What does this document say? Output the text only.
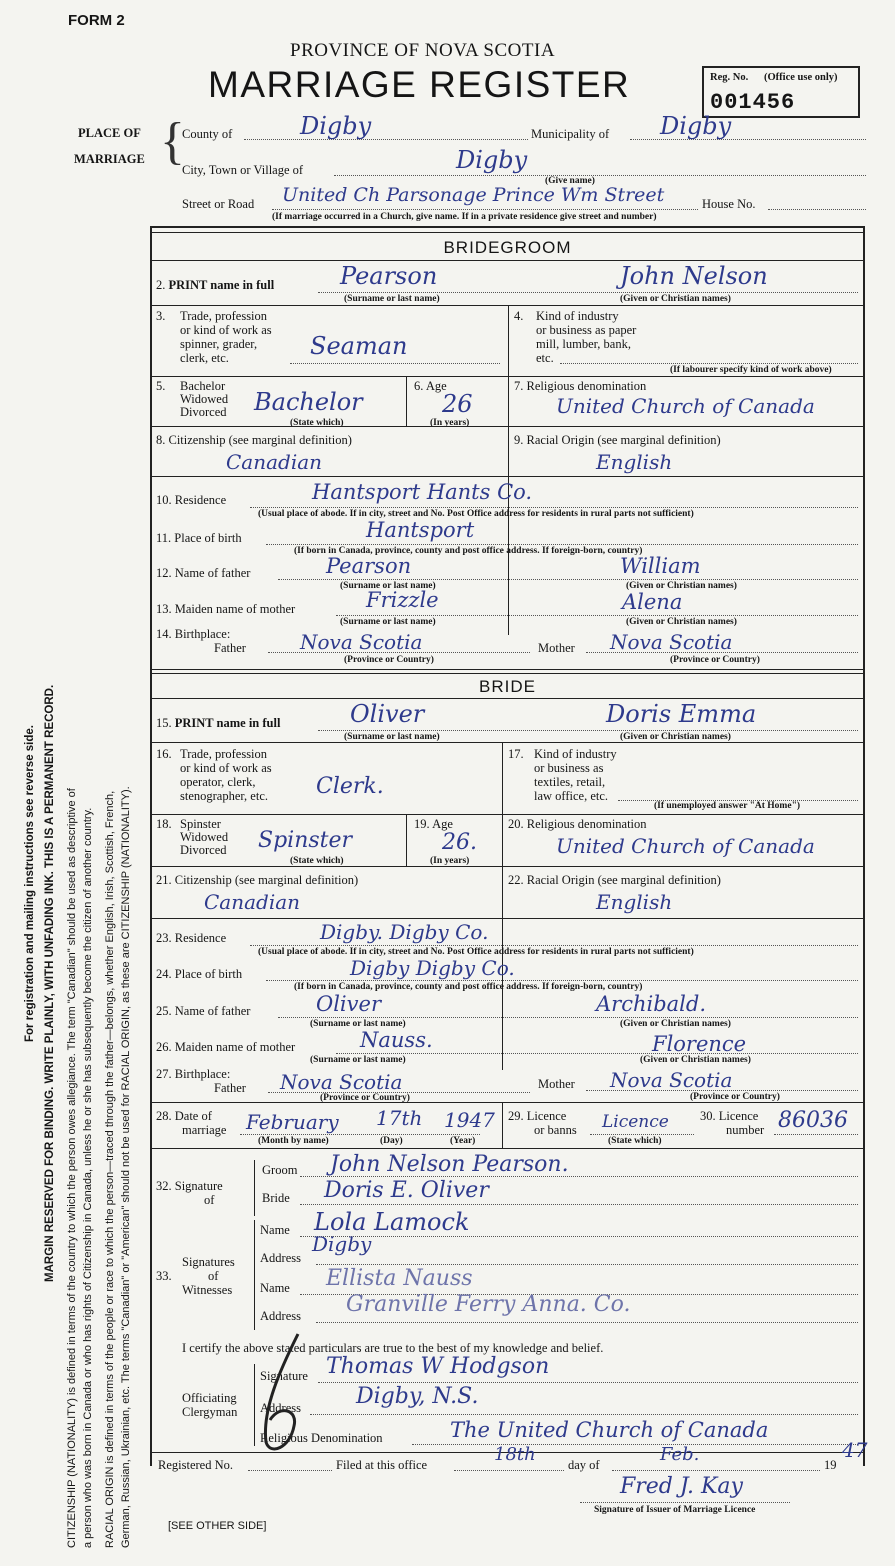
FORM 2
PROVINCE OF NOVA SCOTIA
MARRIAGE REGISTER	Reg. No. (Office use only)
001456
PLACE OF
MARRIAGE {
County of	Digby	Municipality of Digby
City, Town or Village of	Digby
(Give name)
Street or Road United Ch Parsonage Prince Wm Street	House No.
(If marriage occurred in a Church, give name. If in a private residence give street and number)
BRIDEGROOM
2. PRINT name in full	Pearson	John Nelson
(Surname or last name)	(Given or Christian names)
3. Trade, profession
or kind of work as
spinner, grader,
clerk, etc.	Seaman
4. Kind of industry
or business as paper
mill, lumber, bank,
etc.
(If labourer specify kind of work above)
5. Bachelor
Widowed
Divorced Bachelor
(State which)
6. Age
26
(In years)
7. Religious denomination
United Church of Canada
8. Citizenship (see marginal definition)
Canadian
9. Racial Origin (see marginal definition)
English
10. Residence	Hantsport Hants Co.
(Usual place of abode. If in city, street and No. Post Office address for residents in rural parts not sufficient)
11. Place of birth	Hantsport
(If born in Canada, province, county and post office address. If foreign-born, country)
12. Name of father	Pearson	William
(Surname or last name)	(Given or Christian names)
13. Maiden name of mother	Frizzle	Alena
(Surname or last name)	(Given or Christian names)
14. Birthplace:
Father	Nova Scotia
(Province or Country)
Mother Nova Scotia
(Province or Country)
BRIDE
15. PRINT name in full	Oliver	Doris Emma
(Surname or last name)	(Given or Christian names)
16. Trade, profession
or kind of work as
operator, clerk,
stenographer, etc. Clerk.
17. Kind of industry
or business as
textiles, retail,
law office, etc.
(If unemployed answer "At Home")
18. Spinster
Widowed
Divorced Spinster
(State which)
19. Age
26.
(In years)
20. Religious denomination
United Church of Canada
21. Citizenship (see marginal definition)
Canadian
22. Racial Origin (see marginal definition)
English
23. Residence	Digby. Digby Co.
(Usual place of abode. If in city, street and No. Post Office address for residents in rural parts not sufficient)
24. Place of birth	Digby Digby Co.
(If born in Canada, province, county and post office address. If foreign-born, country)
25. Name of father	Oliver	Archibald.
(Surname or last name)	(Given or Christian names)
26. Maiden name of mother	Nauss.	Florence
(Surname or last name)	(Given or Christian names)
27. Birthplace:
Father Nova Scotia
(Province or Country)
Mother Nova Scotia
(Province or Country)
28. Date of
marriage February 17th 1947
(Month by name)	(Day)	(Year)
29. Licence
or banns Licence
(State which)
30. Licence
number 86036
32. Signature
of
Groom John Nelson Pearson.
Bride Doris E. Oliver
Signatures
33.	of
Witnesses
Name Lola Lamock
Address
Digby
Name Ellista Nauss
Address Granville Ferry Anna. Co.
I certify the above stated particulars are true to the best of my knowledge and belief.
Officiating
Clergyman
Signature Thomas W Hodgson
Address	Digby, N.S.
Religious Denomination	The United Church of Canada
Registered No.	Filed at this office	18th	day of	Feb.	19
47
Fred J. Kay
Signature of Issuer of Marriage Licence
[SEE OTHER SIDE]
For registration and mailing instructions see reverse side. MARGIN RESERVED FOR BINDING. WRITE PLAINLY, WITH UNFADING INK. THIS IS A PERMANENT RECORD. CITIZENSHIP (NATIONALITY) is defined in terms of the country to which the person owes allegiance. The term "Canadian" should be used as descriptive of a person who was born in Canada or who has rights of Citizenship in Canada, unless he or she has subsequently become the citizen of another country. RACIAL ORIGIN is defined in terms of the people or race to which the person—traced through the father—belongs, whether English, Irish, Scottish, French, German, Russian, Ukrainian, etc. The terms "Canadian" or "American" should not be used for RACIAL ORIGIN, as these are CITIZENSHIP (NATIONALITY).
